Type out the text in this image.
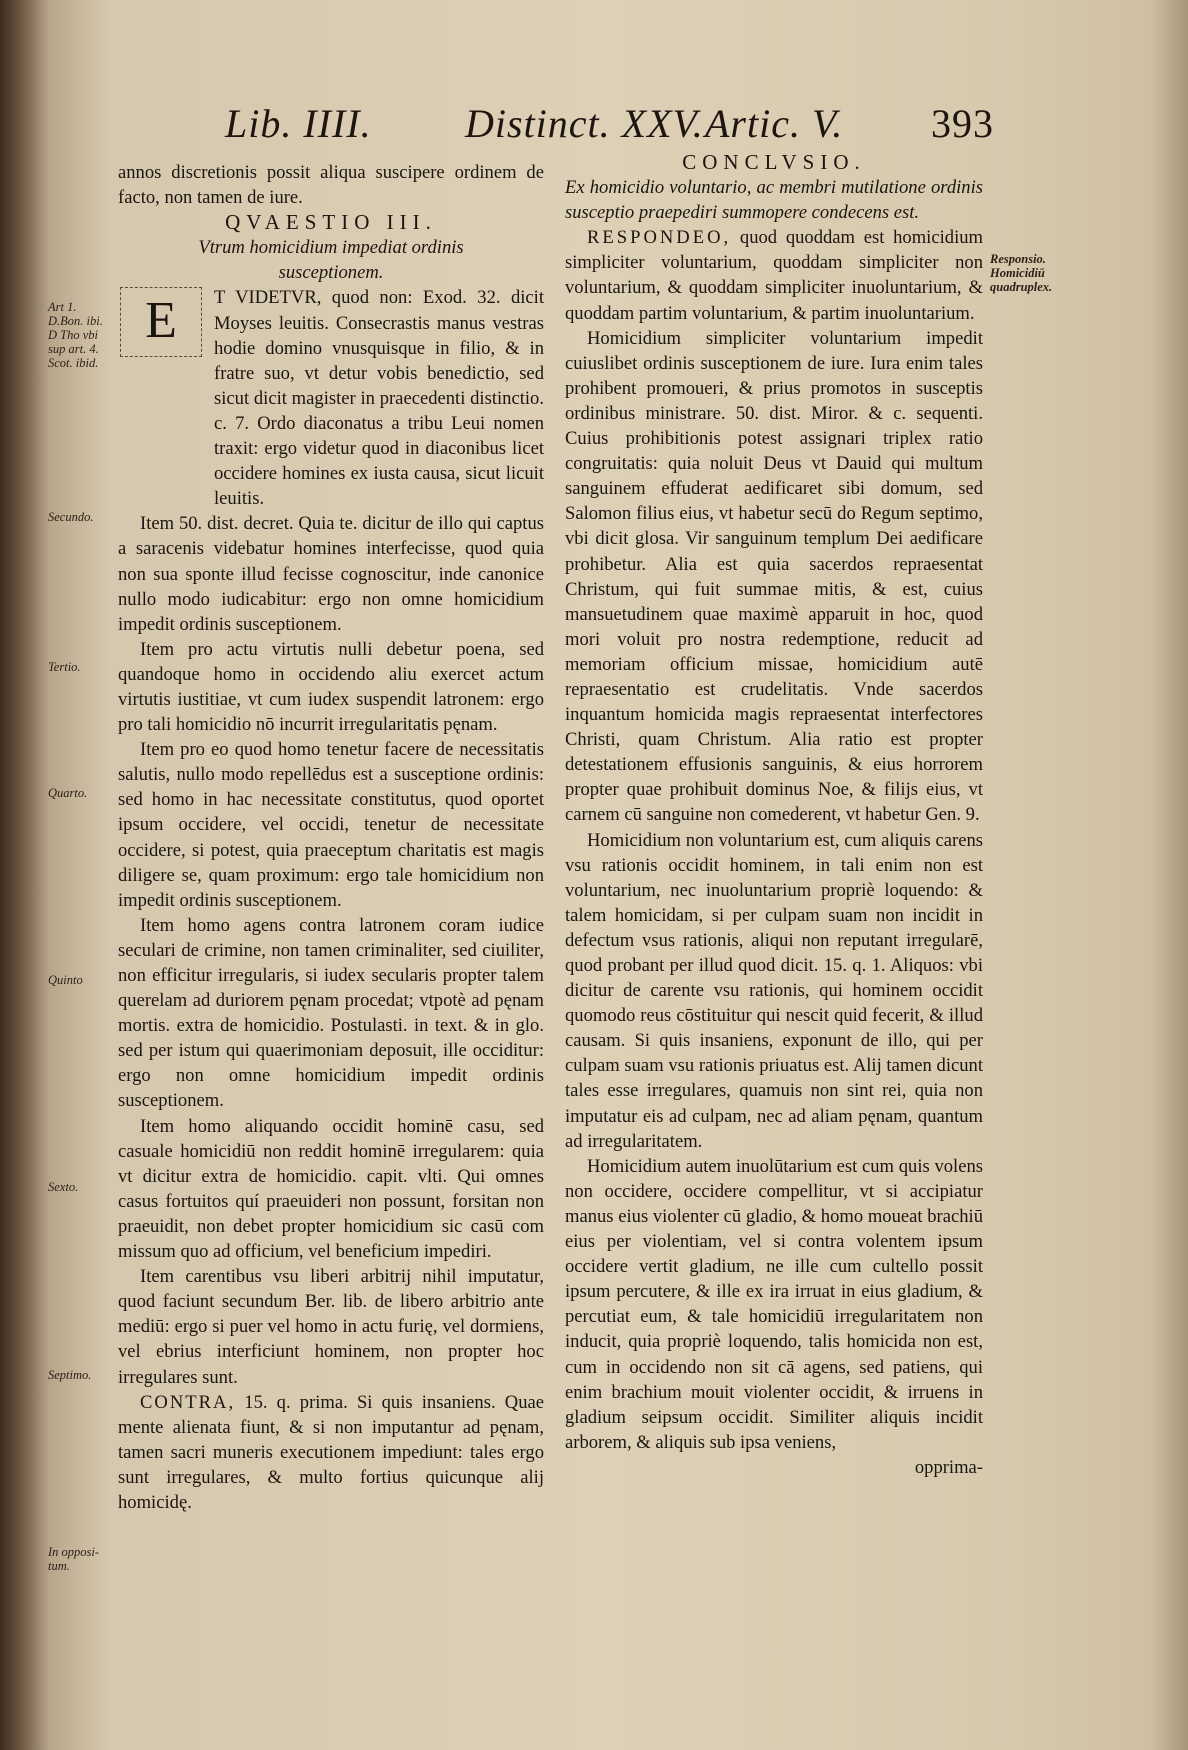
Lib. IIII. Distinct. XXV. Artic. V. 393
Art 1. D.Bon. ibi. D Tho vbi sup art. 4. Scot. ibid.
Secundo.
Tertio.
Quarto.
Quinto
Sexto.
Septimo.
In opposi- tum.
Responsio. Homicidiū quadruplex.

annos discretionis possit aliqua suscipere ordinem de facto, non tamen de iure.

QVAESTIO III.

Vtrum homicidium impediat ordinis susceptionem.

E	T VIDETVR, quod non: Exod. 32. dicit Moyses leuitis. Consecrastis manus vestras hodie domino vnusquisque in filio, & in fratre suo, vt detur vobis benedictio, sed sicut dicit magister in praecedenti distinctio. c. 7. Ordo diaconatus a tribu Leui nomen traxit: ergo videtur quod in diaconibus licet occidere homines ex iusta causa, sicut licuit leuitis.

Item 50. dist. decret. Quia te. dicitur de illo qui captus a saracenis videbatur homines interfecisse, quod quia non sua sponte illud fecisse cognoscitur, inde canonice nullo modo iudicabitur: ergo non omne homicidium impedit ordinis susceptionem.

Item pro actu virtutis nulli debetur poena, sed quandoque homo in occidendo aliu exercet actum virtutis iustitiae, vt cum iudex suspendit latronem: ergo pro tali homicidio nō incurrit irregularitatis pęnam.

Item pro eo quod homo tenetur facere de necessitatis salutis, nullo modo repellēdus est a susceptione ordinis: sed homo in hac necessitate constitutus, quod oportet ipsum occidere, vel occidi, tenetur de necessitate occidere, si potest, quia praeceptum charitatis est magis diligere se, quam proximum: ergo tale homicidium non impedit ordinis susceptionem.

Item homo agens contra latronem coram iudice seculari de crimine, non tamen criminaliter, sed ciuiliter, non efficitur irregularis, si iudex secularis propter talem querelam ad duriorem pęnam procedat; vtpotè ad pęnam mortis. extra de homicidio. Postulasti. in text. & in glo. sed per istum qui quaerimoniam deposuit, ille occiditur: ergo non omne homicidium impedit ordinis susceptionem.

Item homo aliquando occidit hominē casu, sed casuale homicidiū non reddit hominē irregularem: quia vt dicitur extra de homicidio. capit. vlti. Qui omnes casus fortuitos quí praeuideri non possunt, forsitan non praeuidit, non debet propter homicidium sic casū com missum quo ad officium, vel beneficium impediri.

Item carentibus vsu liberi arbitrij nihil imputatur, quod faciunt secundum Ber. lib. de libero arbitrio ante mediū: ergo si puer vel homo in actu furię, vel dormiens, vel ebrius interficiunt hominem, non propter hoc irregulares sunt.

CONTRA, 15. q. prima. Si quis insaniens. Quae mente alienata fiunt, & si non imputantur ad pęnam, tamen sacri muneris executionem impediunt: tales ergo sunt irregulares, & multo fortius quicunque alij homicidę.

CONCLVSIO.

Ex homicidio voluntario, ac membri mutilatione ordinis susceptio praepediri summopere condecens est.

RESPONDEO, quod quoddam est homicidium simpliciter voluntarium, quoddam simpliciter non voluntarium, & quoddam simpliciter inuoluntarium, & quoddam partim voluntarium, & partim inuoluntarium.

Homicidium simpliciter voluntarium impedit cuiuslibet ordinis susceptionem de iure. Iura enim tales prohibent promoueri, & prius promotos in susceptis ordinibus ministrare. 50. dist. Miror. & c. sequenti. Cuius prohibitionis potest assignari triplex ratio congruitatis: quia noluit Deus vt Dauid qui multum sanguinem effuderat aedificaret sibi domum, sed Salomon filius eius, vt habetur secū do Regum septimo, vbi dicit glosa. Vir sanguinum templum Dei aedificare prohibetur. Alia est quia sacerdos repraesentat Christum, qui fuit summae mitis, & est, cuius mansuetudinem quae maximè apparuit in hoc, quod mori voluit pro nostra redemptione, reducit ad memoriam officium missae, homicidium autē repraesentatio est crudelitatis. Vnde sacerdos inquantum homicida magis repraesentat interfectores Christi, quam Christum. Alia ratio est propter detestationem effusionis sanguinis, & eius horrorem propter quae prohibuit dominus Noe, & filijs eius, vt carnem cū sanguine non comederent, vt habetur Gen. 9.

Homicidium non voluntarium est, cum aliquis carens vsu rationis occidit hominem, in tali enim non est voluntarium, nec inuoluntarium propriè loquendo: & talem homicidam, si per culpam suam non incidit in defectum vsus rationis, aliqui non reputant irregularē, quod probant per illud quod dicit. 15. q. 1. Aliquos: vbi dicitur de carente vsu rationis, qui hominem occidit quomodo reus cōstituitur qui nescit quid fecerit, & illud causam. Si quis insaniens, exponunt de illo, qui per culpam suam vsu rationis priuatus est. Alij tamen dicunt tales esse irregulares, quamuis non sint rei, quia non imputatur eis ad culpam, nec ad aliam pęnam, quantum ad irregularitatem.

Homicidium autem inuolūtarium est cum quis volens non occidere, occidere compellitur, vt si accipiatur manus eius violenter cū gladio, & homo moueat brachiū eius per violentiam, vel si contra volentem ipsum occidere vertit gladium, ne ille cum cultello possit ipsum percutere, & ille ex ira irruat in eius gladium, & percutiat eum, & tale homicidiū irregularitatem non inducit, quia propriè loquendo, talis homicida non est, cum in occidendo non sit cā agens, sed patiens, qui enim brachium mouit violenter occidit, & irruens in gladium seipsum occidit. Similiter aliquis incidit arborem, & aliquis sub ipsa veniens,

opprima-
